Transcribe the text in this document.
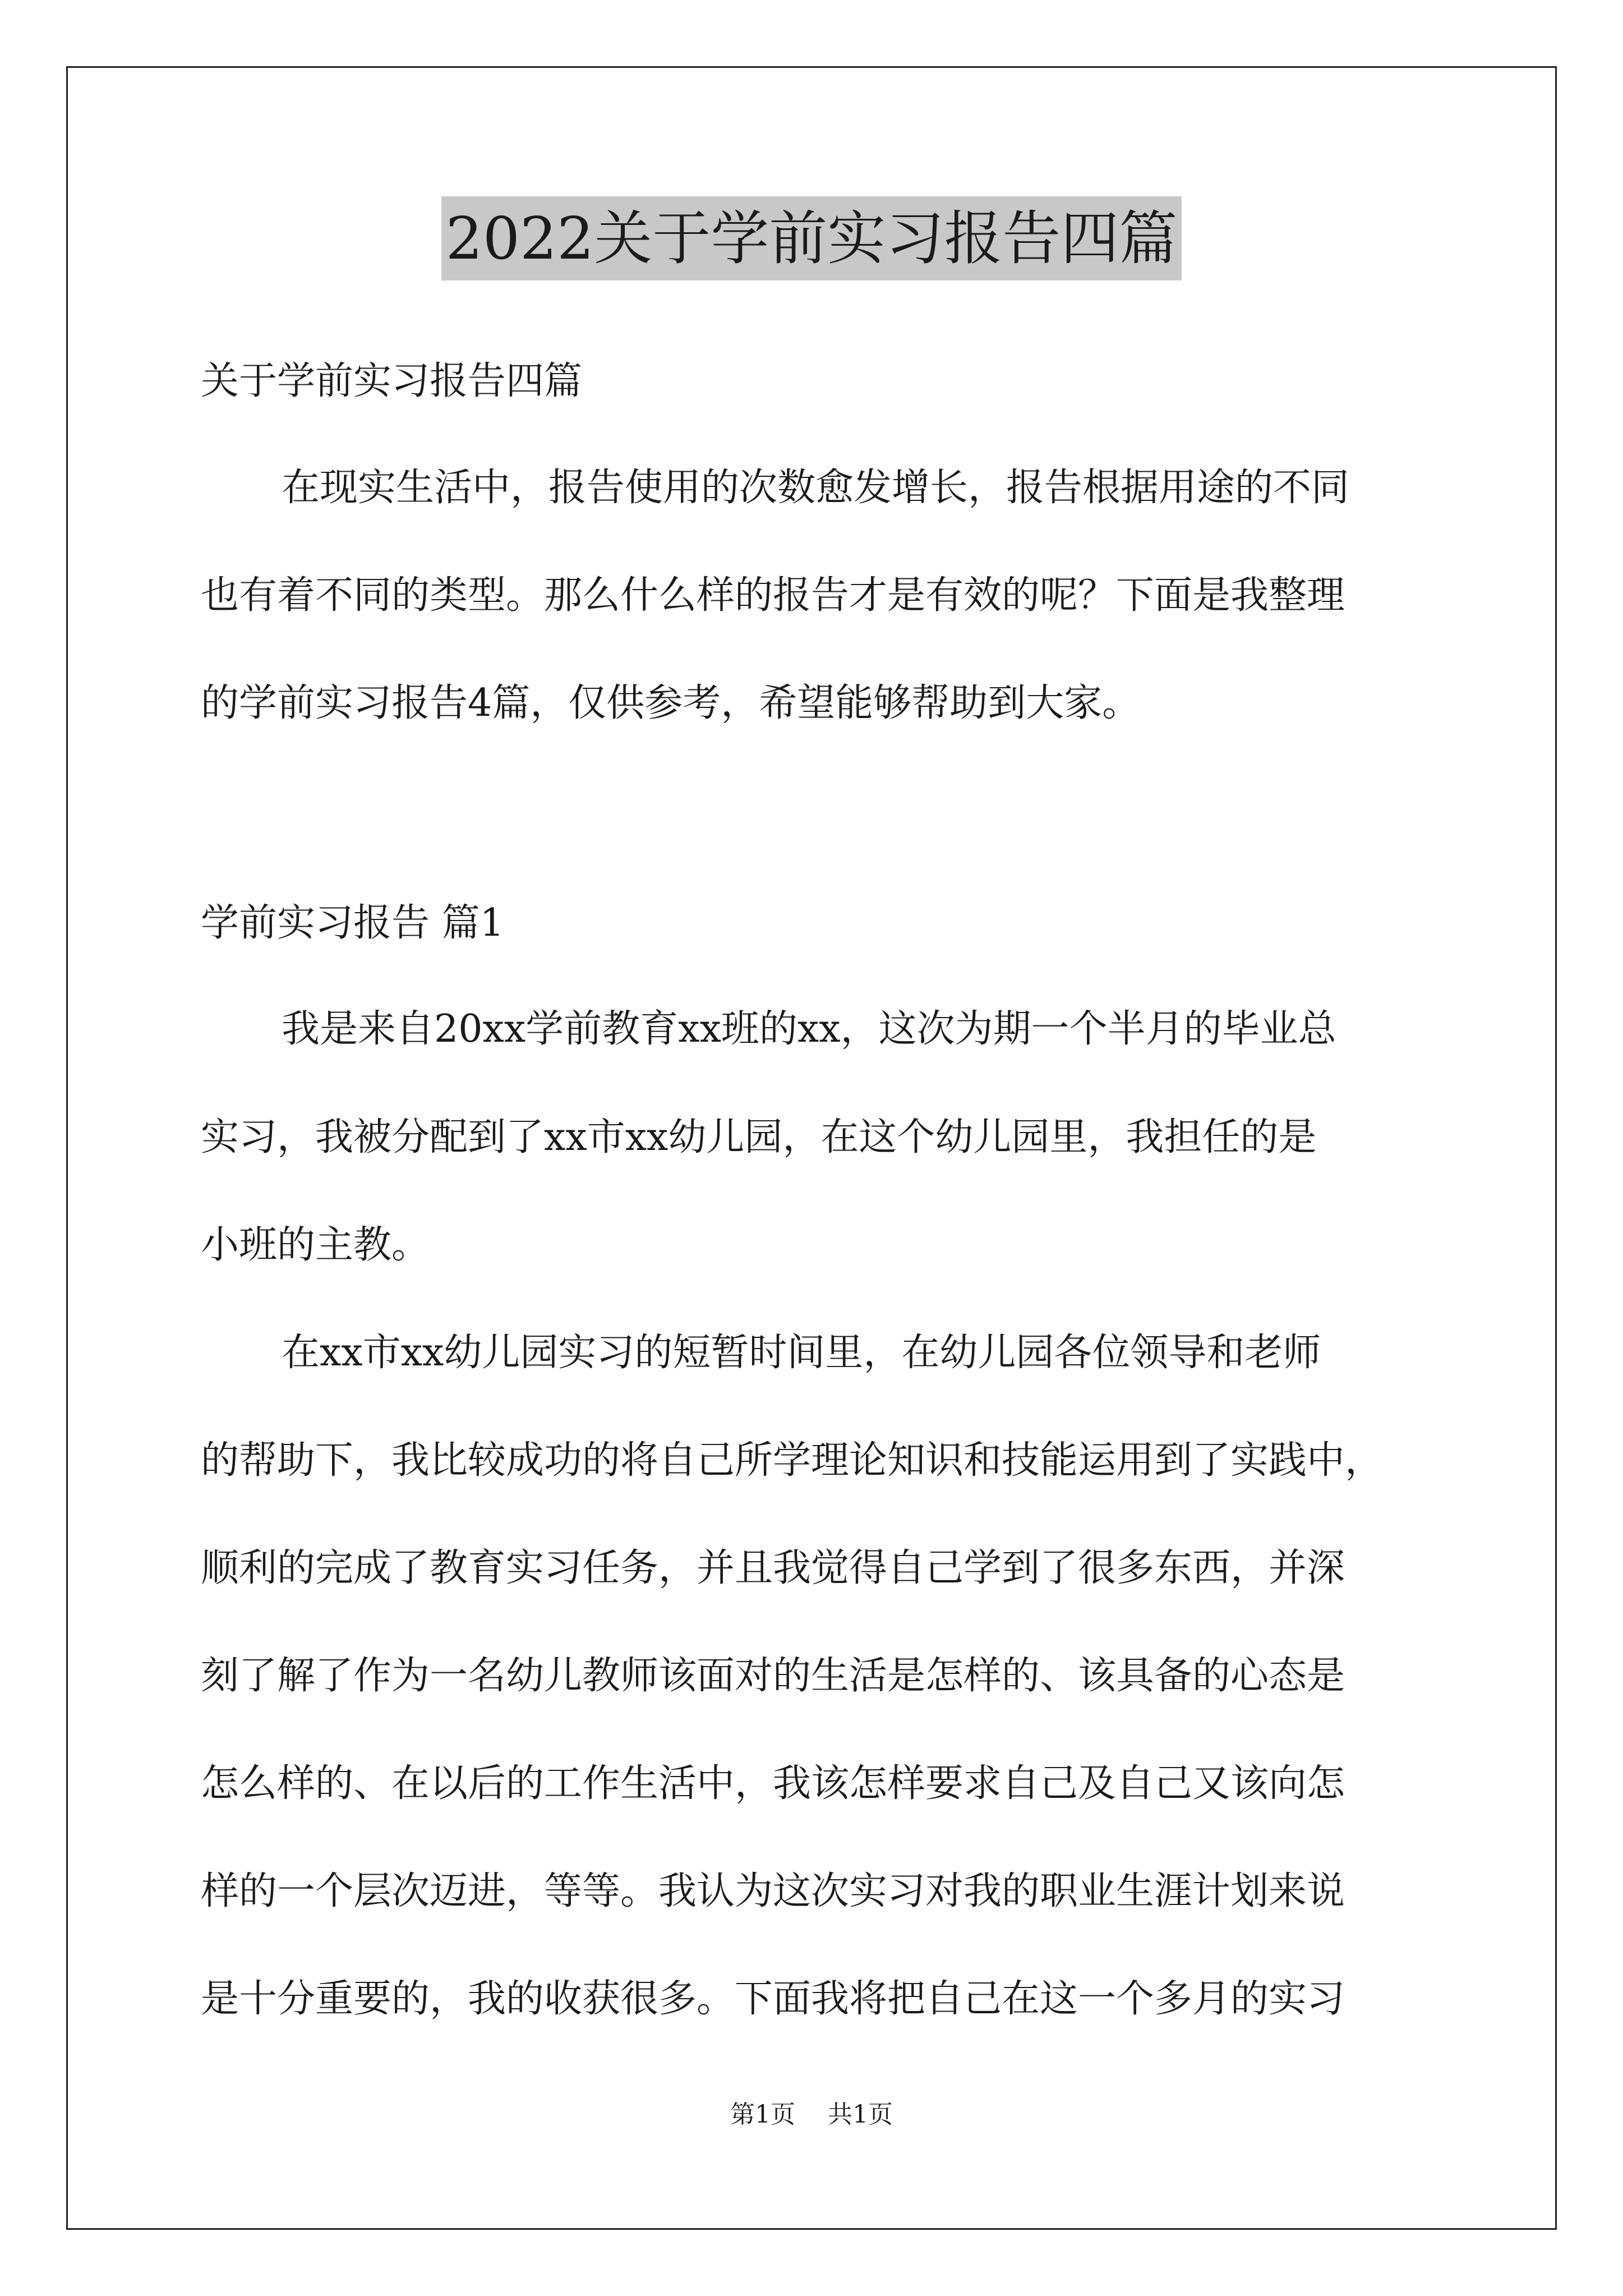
2022关于学前实习报告四篇
关于学前实习报告四篇
在现实生活中，报告使用的次数愈发增长，报告根据用途的不同
也有着不同的类型。那么什么样的报告才是有效的呢？下面是我整理
的学前实习报告4篇，仅供参考，希望能够帮助到大家。
学前实习报告 篇1
我是来自20xx学前教育xx班的xx，这次为期一个半月的毕业总
实习，我被分配到了xx市xx幼儿园，在这个幼儿园里，我担任的是
小班的主教。
在xx市xx幼儿园实习的短暂时间里，在幼儿园各位领导和老师
的帮助下，我比较成功的将自己所学理论知识和技能运用到了实践中，
顺利的完成了教育实习任务，并且我觉得自己学到了很多东西，并深
刻了解了作为一名幼儿教师该面对的生活是怎样的、该具备的心态是
怎么样的、在以后的工作生活中，我该怎样要求自己及自己又该向怎
样的一个层次迈进，等等。我认为这次实习对我的职业生涯计划来说
是十分重要的，我的收获很多。下面我将把自己在这一个多月的实习
第1页 共1页
